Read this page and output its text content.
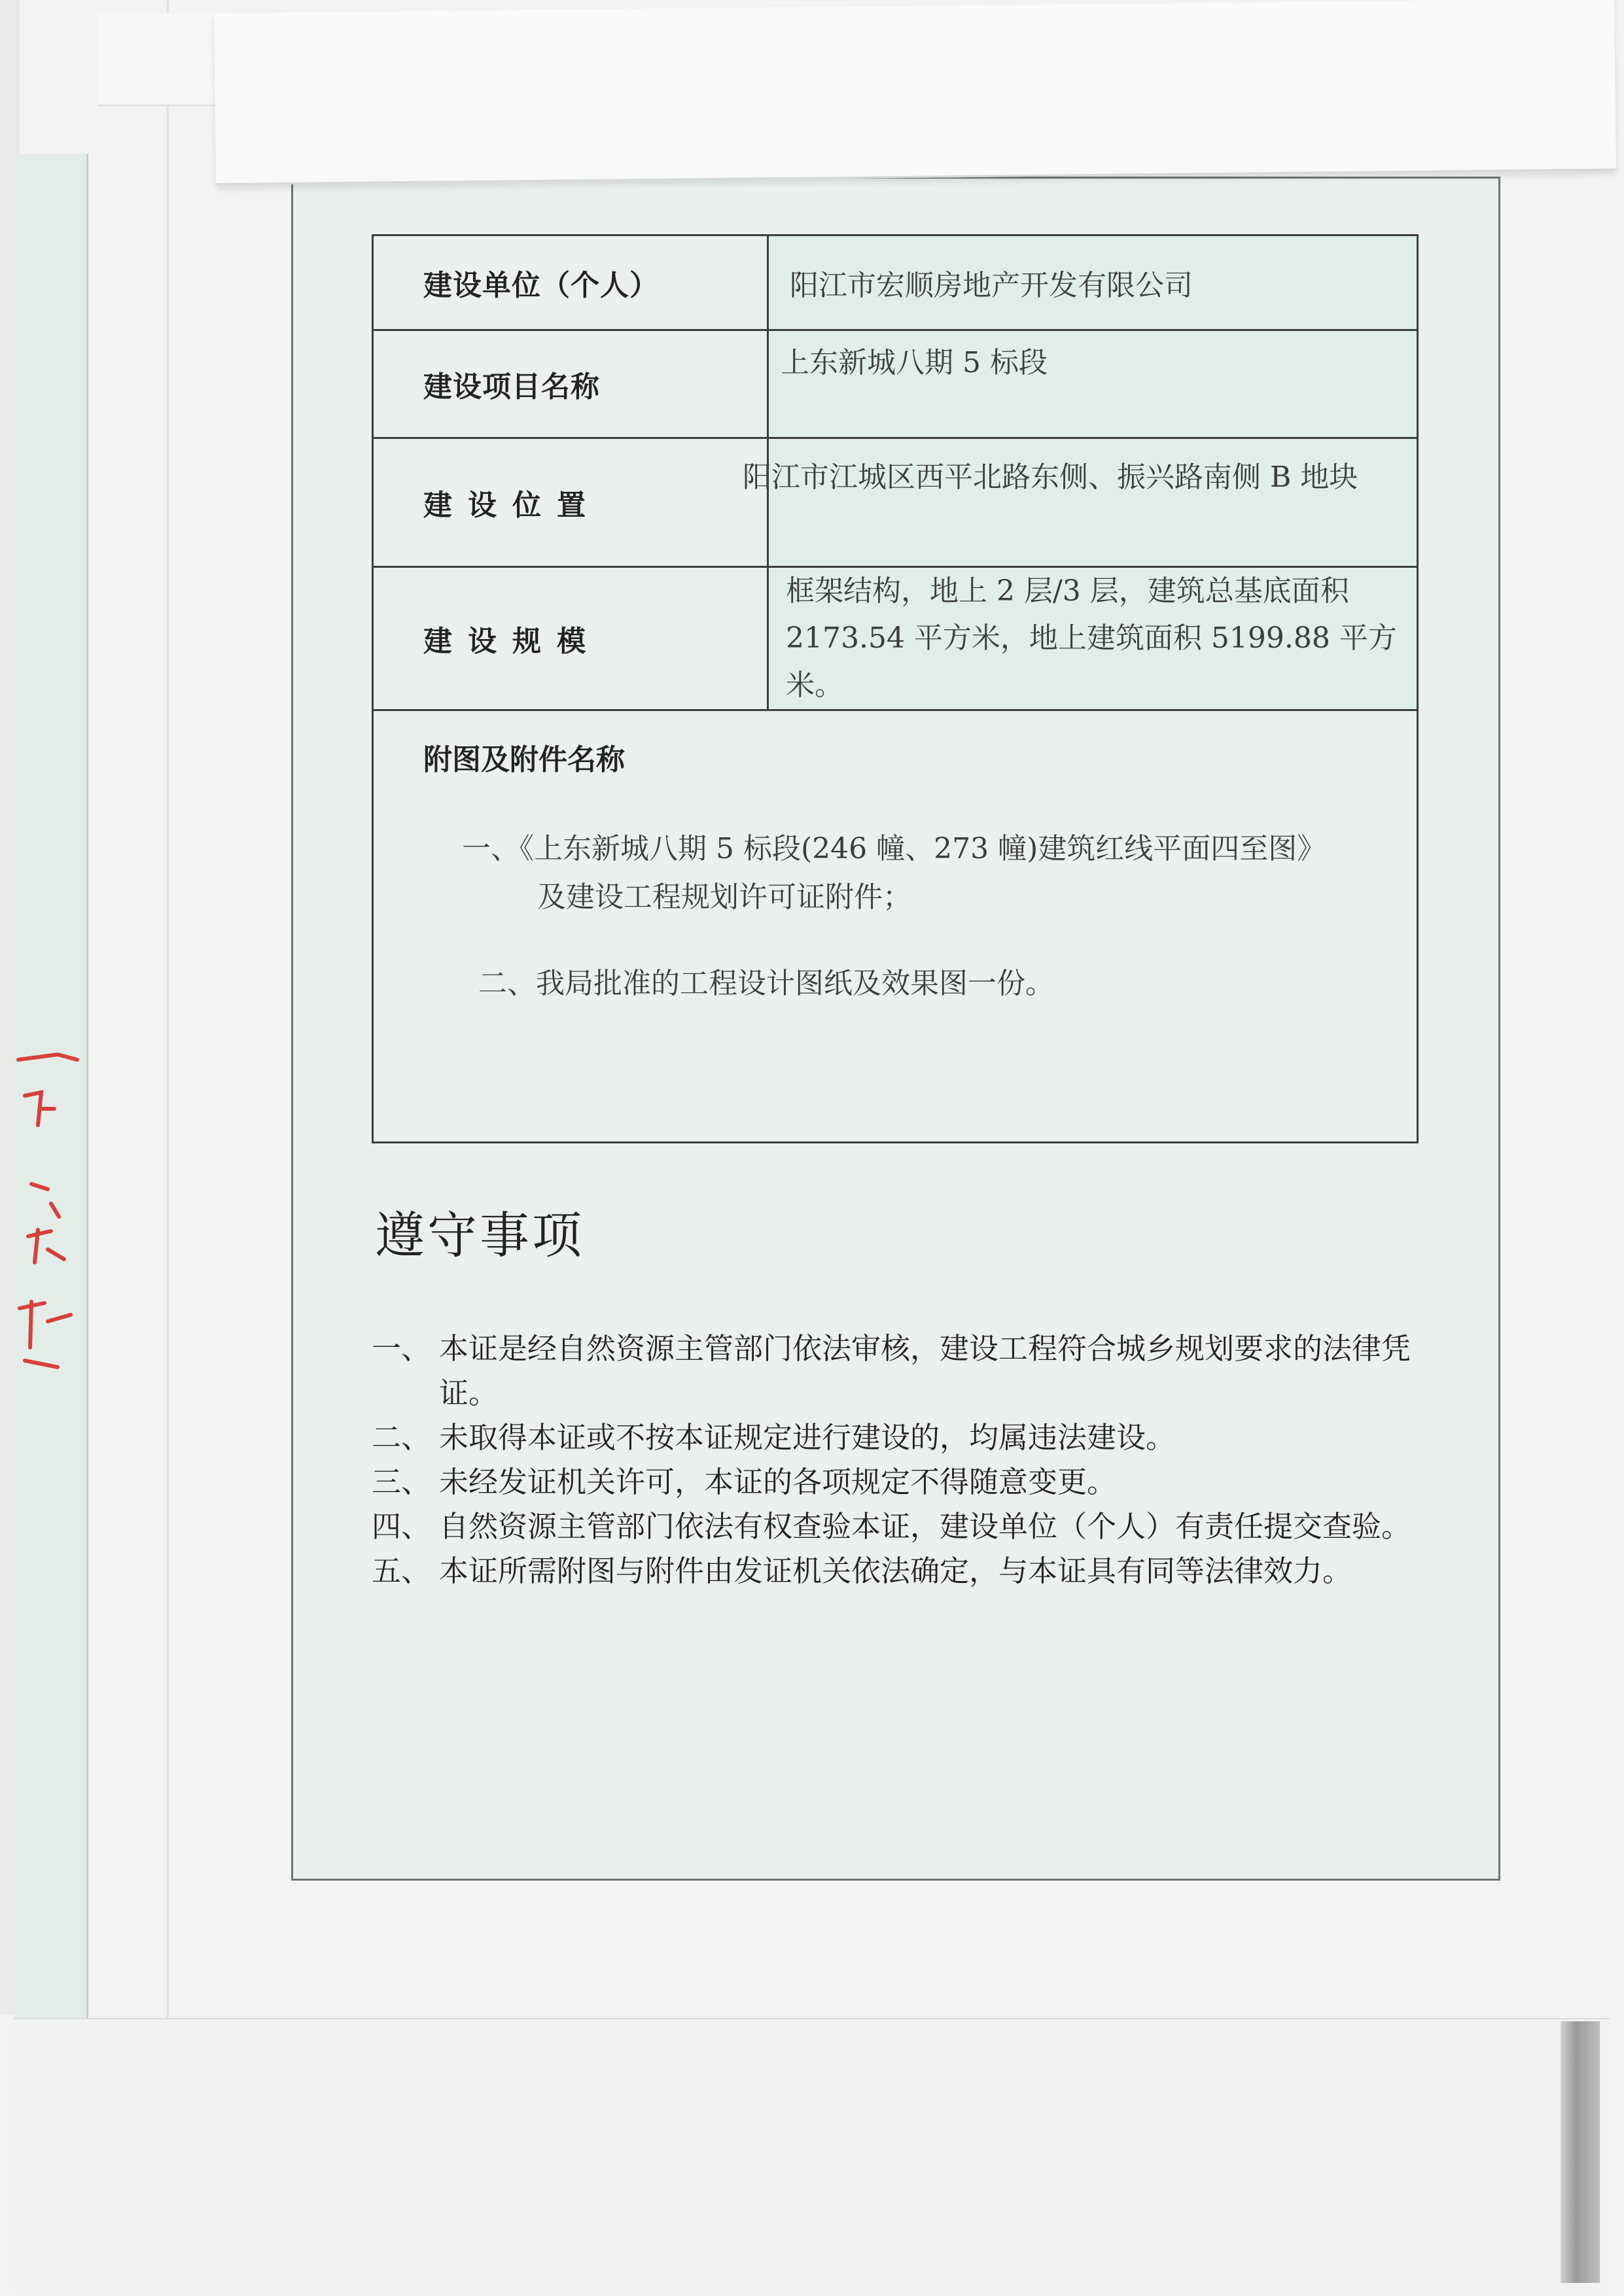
建设单位（个人）	阳江市宏顺房地产开发有限公司
建设项目名称	上东新城八期 5 标段
建设位置	阳江市江城区西平北路东侧、振兴路南侧 B 地块
建设规模	框架结构，地上 2 层/3 层，建筑总基底面积
2173.54 平方米，地上建筑面积 5199.88 平方米。

附图及附件名称
一、《上东新城八期 5 标段(246 幢、273 幢)建筑红线平面四至图》
及建设工程规划许可证附件；
二、我局批准的工程设计图纸及效果图一份。	
遵守事项
一、 本证是经自然资源主管部门依法审核，建设工程符合城乡规划要求的法律凭证。
二、 未取得本证或不按本证规定进行建设的，均属违法建设。
三、 未经发证机关许可，本证的各项规定不得随意变更。
四、 自然资源主管部门依法有权查验本证，建设单位（个人）有责任提交查验。
五、 本证所需附图与附件由发证机关依法确定，与本证具有同等法律效力。
